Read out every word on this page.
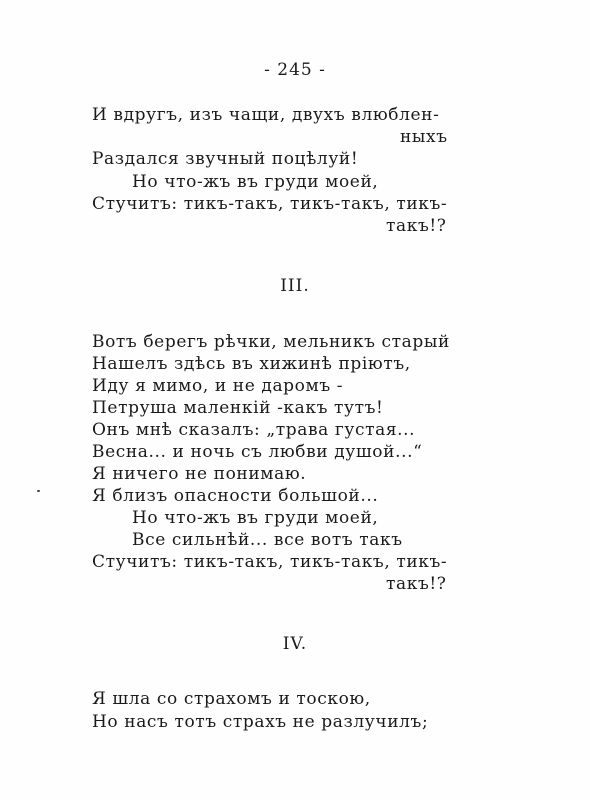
- 245 -
И вдругъ, изъ чащи, двухъ влюблен-
ныхъ
Раздался звучный поцѣлуй!
Но что-жъ въ груди моей,
Стучитъ: тикъ-такъ, тикъ-такъ, тикъ-
такъ!?
III.
Вотъ берегъ рѣчки, мельникъ старый
Нашелъ здѣсь въ хижинѣ пріютъ,
Иду я мимо, и не даромъ -
Петруша маленкій -какъ тутъ!
Онъ мнѣ сказалъ: „трава густая...
Весна... и ночь съ любви душой...“
Я ничего не понимаю.
Я близъ опасности большой...
Но что-жъ въ груди моей,
Все сильнѣй... все вотъ такъ
Стучитъ: тикъ-такъ, тикъ-такъ, тикъ-
такъ!?
IV.
Я шла со страхомъ и тоскою,
Но насъ тотъ страхъ не разлучилъ;
